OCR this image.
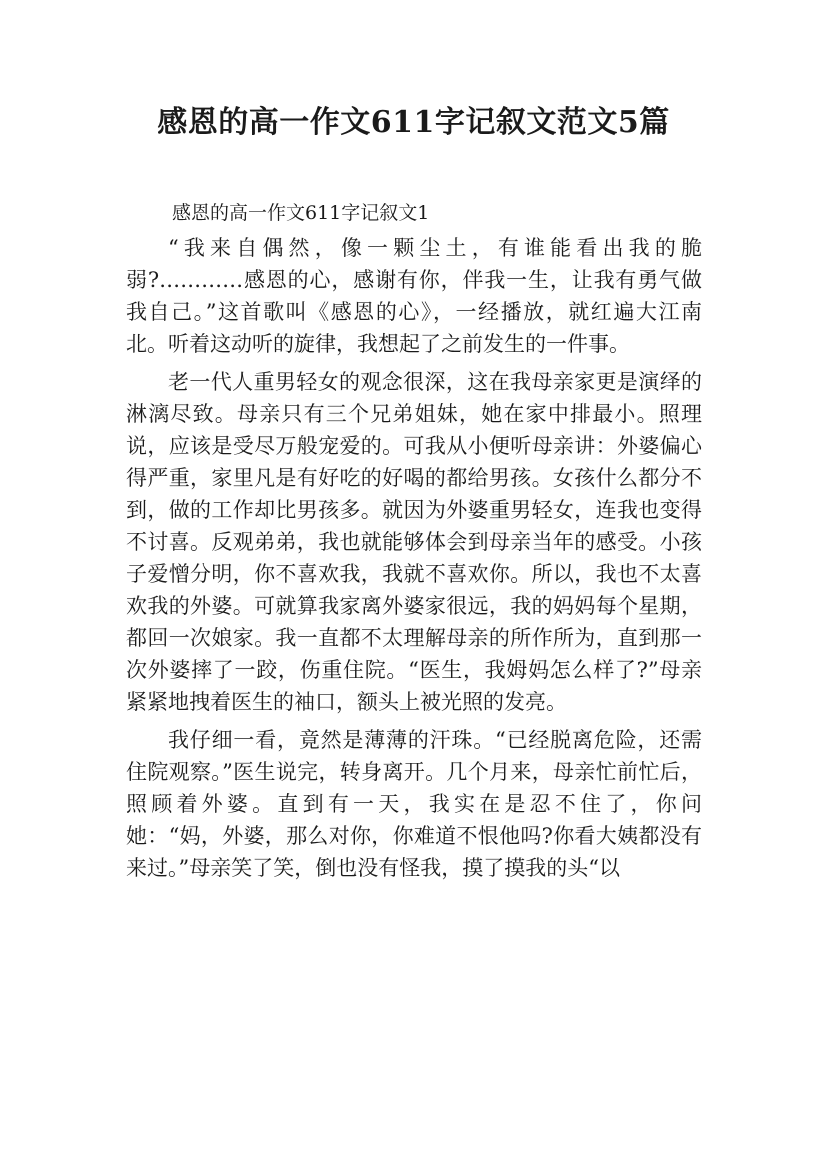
感恩的高一作文611字记叙文范文5篇
感恩的高一作文611字记叙文1

“我来自偶然，像一颗尘土，有谁能看出我的脆弱?…………感恩的心，感谢有你，伴我一生，让我有勇气做我自己。”这首歌叫《感恩的心》，一经播放，就红遍大江南北。听着这动听的旋律，我想起了之前发生的一件事。

老一代人重男轻女的观念很深，这在我母亲家更是演绎的淋漓尽致。母亲只有三个兄弟姐妹，她在家中排最小。照理说，应该是受尽万般宠爱的。可我从小便听母亲讲：外婆偏心得严重，家里凡是有好吃的好喝的都给男孩。女孩什么都分不到，做的工作却比男孩多。就因为外婆重男轻女，连我也变得不讨喜。反观弟弟，我也就能够体会到母亲当年的感受。小孩子爱憎分明，你不喜欢我，我就不喜欢你。所以，我也不太喜欢我的外婆。可就算我家离外婆家很远，我的妈妈每个星期，都回一次娘家。我一直都不太理解母亲的所作所为，直到那一次外婆摔了一跤，伤重住院。“医生，我姆妈怎么样了?”母亲紧紧地拽着医生的袖口，额头上被光照的发亮。

我仔细一看，竟然是薄薄的汗珠。“已经脱离危险，还需住院观察。”医生说完，转身离开。几个月来，母亲忙前忙后，照顾着外婆。直到有一天，我实在是忍不住了，你问她：“妈，外婆，那么对你，你难道不恨他吗?你看大姨都没有来过。”母亲笑了笑，倒也没有怪我，摸了摸我的头“以
